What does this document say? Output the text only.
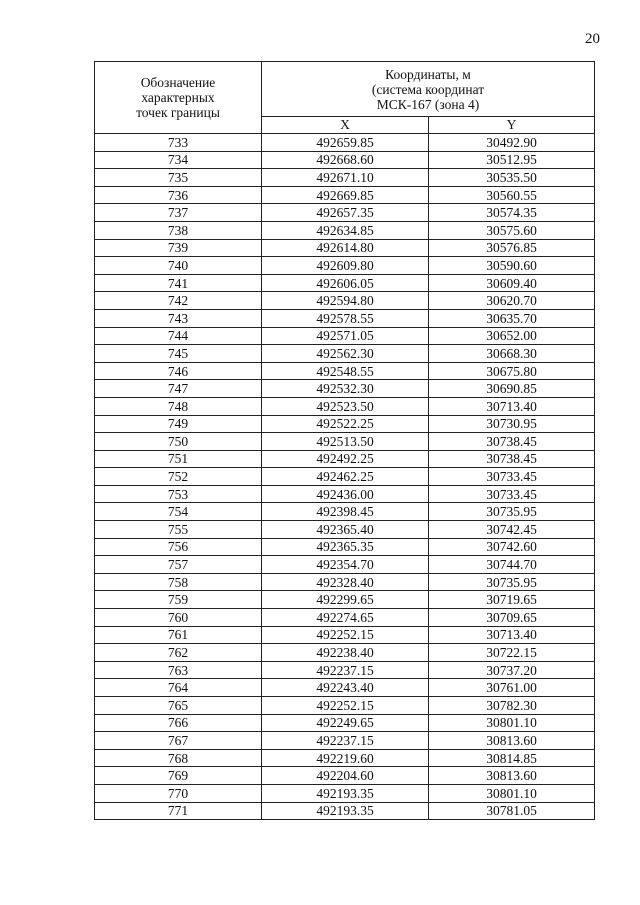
20
Обозначение
характерных
точек границы	Координаты, м
(система координат
МСК-167 (зона 4)	

	X	Y
733	492659.85	30492.90
734	492668.60	30512.95
735	492671.10	30535.50
736	492669.85	30560.55
737	492657.35	30574.35
738	492634.85	30575.60
739	492614.80	30576.85
740	492609.80	30590.60
741	492606.05	30609.40
742	492594.80	30620.70
743	492578.55	30635.70
744	492571.05	30652.00
745	492562.30	30668.30
746	492548.55	30675.80
747	492532.30	30690.85
748	492523.50	30713.40
749	492522.25	30730.95
750	492513.50	30738.45
751	492492.25	30738.45
752	492462.25	30733.45
753	492436.00	30733.45
754	492398.45	30735.95
755	492365.40	30742.45
756	492365.35	30742.60
757	492354.70	30744.70
758	492328.40	30735.95
759	492299.65	30719.65
760	492274.65	30709.65
761	492252.15	30713.40
762	492238.40	30722.15
763	492237.15	30737.20
764	492243.40	30761.00
765	492252.15	30782.30
766	492249.65	30801.10
767	492237.15	30813.60
768	492219.60	30814.85
769	492204.60	30813.60
770	492193.35	30801.10
771	492193.35	30781.05
